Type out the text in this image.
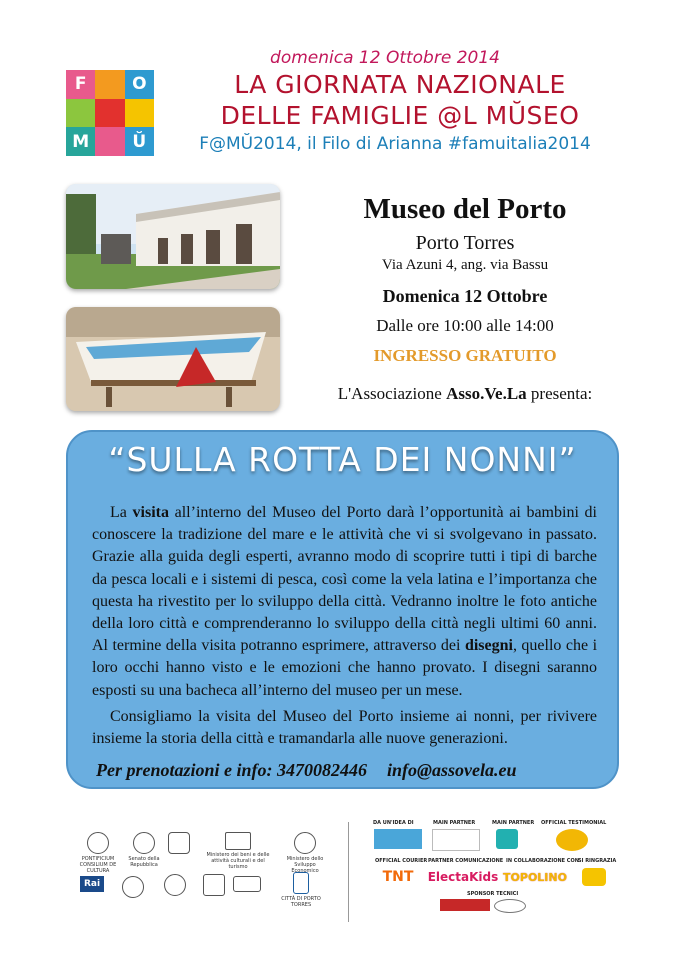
F	O
M	Ŭ
domenica 12 Ottobre 2014
LA GIORNATA NAZIONALE
DELLE FAMIGLIE @L MŬSEO
F@MŬ2014, il Filo di Arianna #famuitalia2014
Museo del Porto
Porto Torres
Via Azuni 4, ang. via Bassu
Domenica 12 Ottobre
Dalle ore 10:00 alle 14:00
INGRESSO GRATUITO
L'Associazione Asso.Ve.La presenta:
“SULLA ROTTA DEI NONNI”
La visita all’interno del Museo del Porto darà l’opportunità ai bambini di conoscere la tradizione del mare e le attività che vi si svolgevano in passato. Grazie alla guida degli esperti, avranno modo di scoprire tutti i tipi di barche da pesca locali e i sistemi di pesca, così come la vela latina e l’importanza che questa ha rivestito per lo sviluppo della città. Vedranno inoltre le foto antiche della loro città e comprenderanno lo sviluppo della città negli ultimi 60 anni. Al termine della visita potranno esprimere, attraverso dei disegni, quello che i loro occhi hanno visto e le emozioni che hanno provato. I disegni saranno esposti su una bacheca all’interno del museo per un mese.
Consigliamo la visita del Museo del Porto insieme ai nonni, per rivivere insieme la storia della città e tramandarla alle nuove generazioni.
Per prenotazioni e info: 3470082446 info@assovela.eu
PONTIFICIUM CONSILIUM DE CULTURA
Senato della Repubblica
Ministero dei beni e delle attività culturali e del turismo
Ministero dello Sviluppo Economico
Rai
CITTÀ DI PORTO TORRES
DA UN'IDEA DI	MAIN PARTNER	MAIN PARTNER OFFICIAL TESTIMONIAL
OFFICIAL COURIER
TNT
PARTNER COMUNICAZIONE
ElectaKids
IN COLLABORAZIONE CON
TOPOLINO
SI RINGRAZIA
SPONSOR TECNICI
